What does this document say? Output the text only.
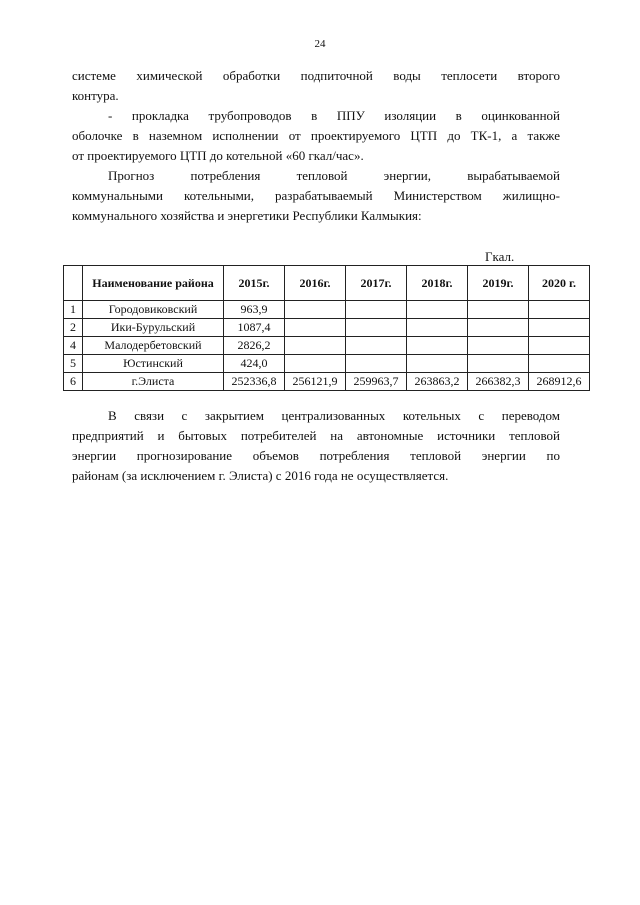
24

системе химической обработки подпиточной воды теплосети второго
контура.

- прокладка трубопроводов в ППУ изоляции в оцинкованной
оболочке в наземном исполнении от проектируемого ЦТП до ТК-1, а также
от проектируемого ЦТП до котельной «60 гкал/час».

Прогноз потребления тепловой энергии, вырабатываемой
коммунальными котельными, разрабатываемый Министерством жилищно-
коммунального хозяйства и энергетики Республики Калмыкия:

Гкал.
	Наименование района	2015г.	2016г.	2017г.	2018г.	2019г.	2020 г.
1	Городовиковский	963,9					
2	Ики-Бурульский	1087,4					
4	Малодербетовский	2826,2					
5	Юстинский	424,0					
6	г.Элиста	252336,8	256121,9	259963,7	263863,2	266382,3	268912,6

В связи с закрытием централизованных котельных с переводом
предприятий и бытовых потребителей на автономные источники тепловой
энергии прогнозирование объемов потребления тепловой энергии по
районам (за исключением г. Элиста) с 2016 года не осуществляется.
